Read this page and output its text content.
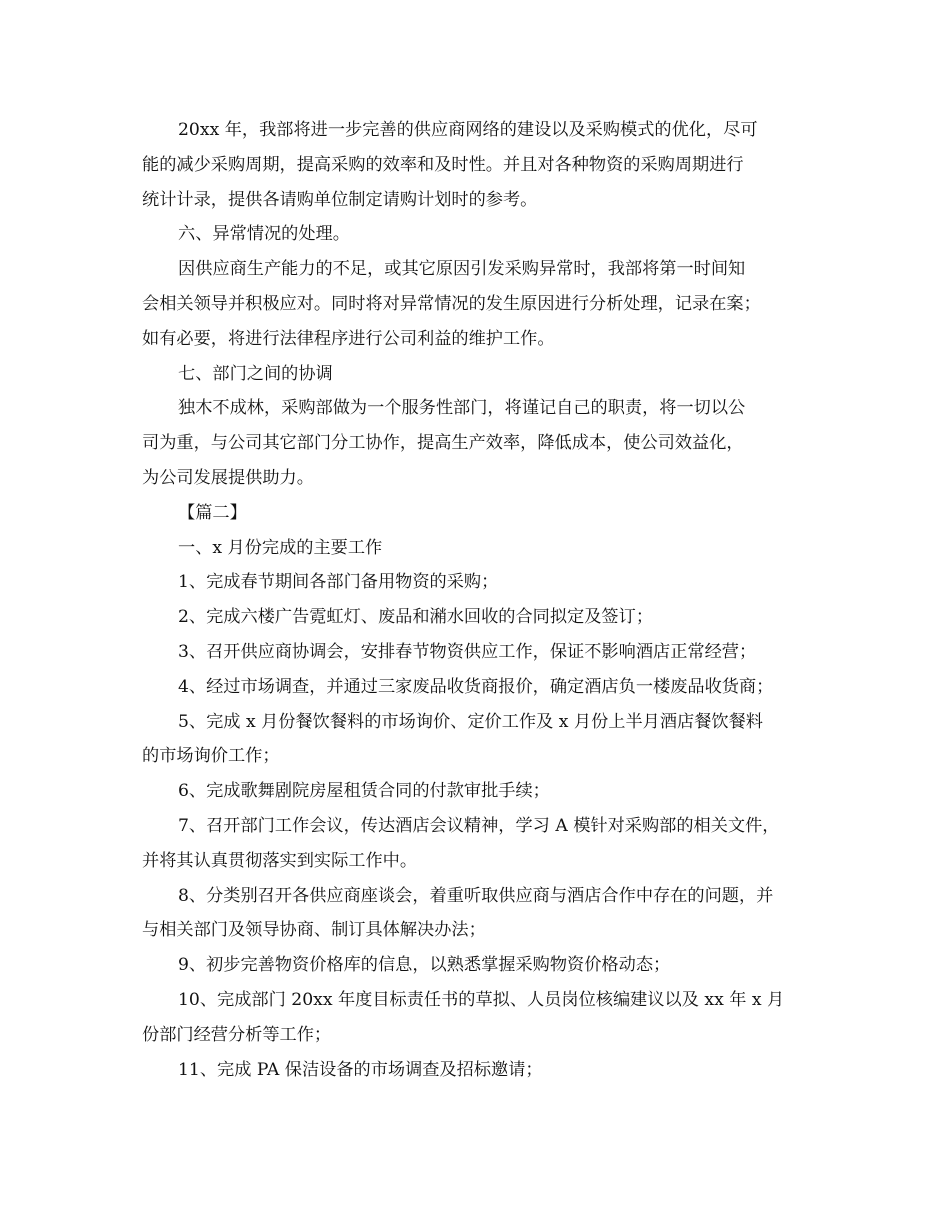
20xx 年，我部将进一步完善的供应商网络的建设以及采购模式的优化，尽可
能的减少采购周期，提高采购的效率和及时性。并且对各种物资的采购周期进行
统计计录，提供各请购单位制定请购计划时的参考。
六、异常情况的处理。
因供应商生产能力的不足，或其它原因引发采购异常时，我部将第一时间知
会相关领导并积极应对。同时将对异常情况的发生原因进行分析处理，记录在案；
如有必要，将进行法律程序进行公司利益的维护工作。
七、部门之间的协调
独木不成林，采购部做为一个服务性部门，将谨记自己的职责，将一切以公
司为重，与公司其它部门分工协作，提高生产效率，降低成本，使公司效益化，
为公司发展提供助力。
【篇二】
一、x 月份完成的主要工作
1、完成春节期间各部门备用物资的采购；
2、完成六楼广告霓虹灯、废品和潲水回收的合同拟定及签订；
3、召开供应商协调会，安排春节物资供应工作，保证不影响酒店正常经营；
4、经过市场调查，并通过三家废品收货商报价，确定酒店负一楼废品收货商；
5、完成 x 月份餐饮餐料的市场询价、定价工作及 x 月份上半月酒店餐饮餐料
的市场询价工作；
6、完成歌舞剧院房屋租赁合同的付款审批手续；
7、召开部门工作会议，传达酒店会议精神，学习 A 模针对采购部的相关文件，
并将其认真贯彻落实到实际工作中。
8、分类别召开各供应商座谈会，着重听取供应商与酒店合作中存在的问题，并
与相关部门及领导协商、制订具体解决办法；
9、初步完善物资价格库的信息，以熟悉掌握采购物资价格动态；
10、完成部门 20xx 年度目标责任书的草拟、人员岗位核编建议以及 xx 年 x 月
份部门经营分析等工作；
11、完成 PA 保洁设备的市场调查及招标邀请；
